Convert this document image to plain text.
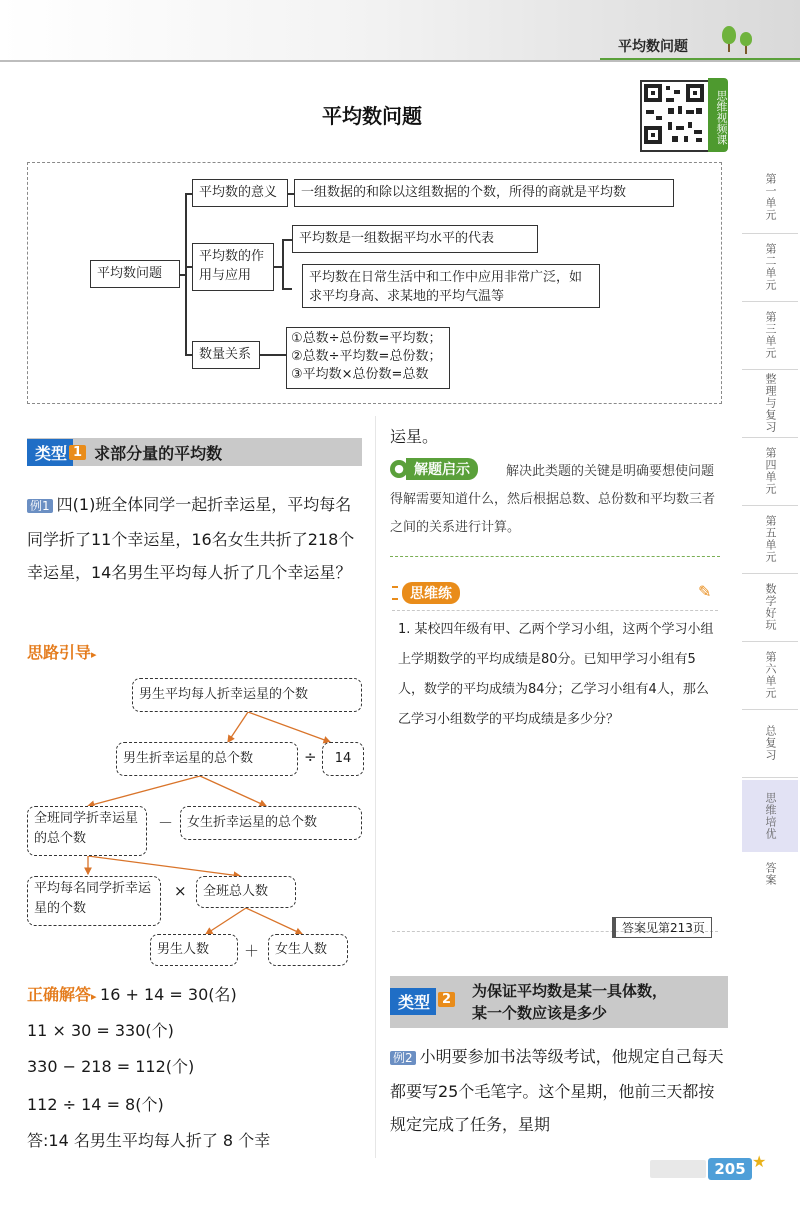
平均数问题
平均数问题	思维视频课
平均数问题
平均数的意义	一组数据的和除以这组数据的个数，所得的商就是平均数
平均数的作用与应用
平均数是一组数据平均水平的代表
平均数在日常生活中和工作中应用非常广泛，如求平均身高、求某地的平均气温等
数量关系
①总数÷总份数=平均数；
②总数÷平均数=总份数；
③平均数×总份数=总数
第一单元
第二单元
第三单元
整理与复习
第四单元
第五单元
数学好玩
第六单元
总复习
思维培优
答案
类型 1 求部分量的平均数
例1 四(1)班全体同学一起折幸运星，平均每名同学折了11个幸运星，16名女生共折了218个幸运星，14名男生平均每人折了几个幸运星？
思路引导▸
男生平均每人折幸运星的个数
男生折幸运星的总个数	÷	14
全班同学折幸运星的总个数
－	女生折幸运星的总个数
平均每名同学折幸运星的个数
×	全班总人数
男生人数	＋	女生人数
正确解答▸ 16 + 14 = 30(名)
11 × 30 = 330(个)
330 − 218 = 112(个)
112 ÷ 14 = 8(个)
答:14 名男生平均每人折了 8 个幸
运星。
● 解题启示	解决此类题的关键是明确要想使问题得解需要知道什么，然后根据总数、总份数和平均数三者之间的关系进行计算。
思维练	✎
1. 某校四年级有甲、乙两个学习小组，这两个学习小组上学期数学的平均成绩是80分。已知甲学习小组有5人，数学的平均成绩为84分；乙学习小组有4人，那么乙学习小组数学的平均成绩是多少分？
答案见第213页
类型 2 为保证平均数是某一具体数，
某一个数应该是多少
例2 小明要参加书法等级考试，他规定自己每天都要写25个毛笔字。这个星期，他前三天都按规定完成了任务，星期
205 ★
